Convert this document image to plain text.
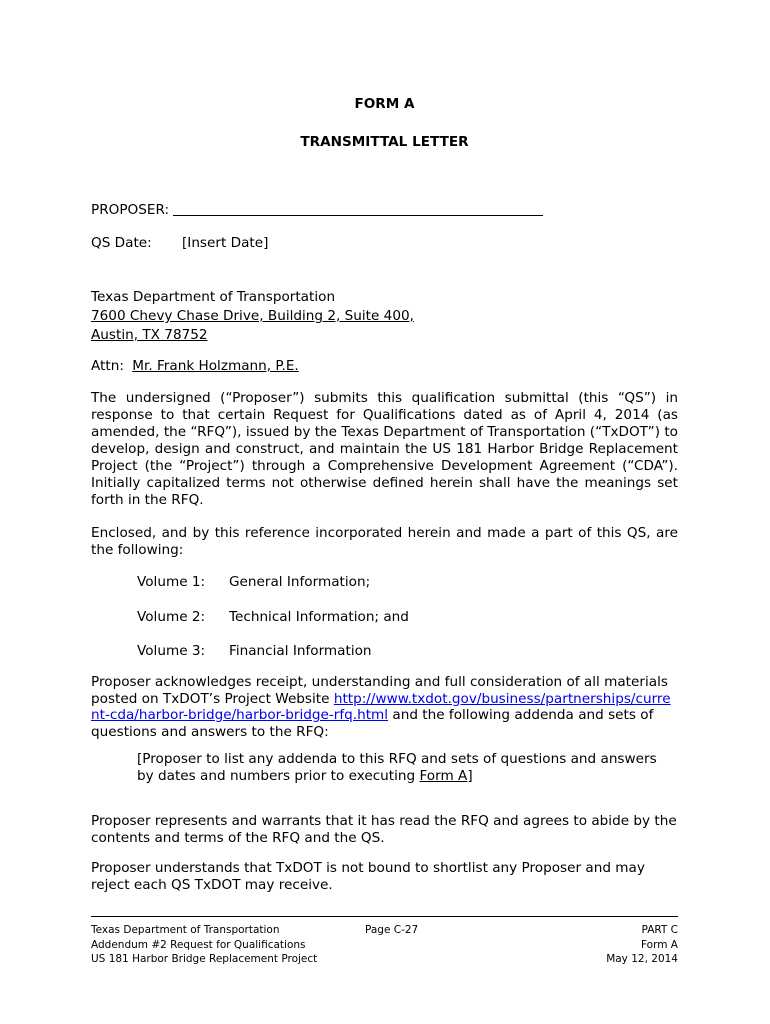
FORM A
TRANSMITTAL LETTER
PROPOSER:
QS Date: [Insert Date]
Texas Department of Transportation
7600 Chevy Chase Drive, Building 2, Suite 400,
Austin, TX 78752
Attn: Mr. Frank Holzmann, P.E.
The undersigned (“Proposer”) submits this qualification submittal (this “QS”) in response to that certain Request for Qualifications dated as of April 4, 2014 (as amended, the “RFQ”), issued by the Texas Department of Transportation (“TxDOT”) to develop, design and construct, and maintain the US 181 Harbor Bridge Replacement Project (the “Project”) through a Comprehensive Development Agreement (“CDA”). Initially capitalized terms not otherwise defined herein shall have the meanings set forth in the RFQ.
Enclosed, and by this reference incorporated herein and made a part of this QS, are the following:
Volume 1: General Information;
Volume 2: Technical Information; and
Volume 3: Financial Information
Proposer acknowledges receipt, understanding and full consideration of all materials posted on TxDOT’s Project Website http://www.txdot.gov/business/partnerships/current-cda/harbor-bridge/harbor-bridge-rfq.html and the following addenda and sets of questions and answers to the RFQ:
[Proposer to list any addenda to this RFQ and sets of questions and answers by dates and numbers prior to executing Form A]
Proposer represents and warrants that it has read the RFQ and agrees to abide by the contents and terms of the RFQ and the QS.
Proposer understands that TxDOT is not bound to shortlist any Proposer and may reject each QS TxDOT may receive.
Texas Department of Transportation
Addendum #2 Request for Qualifications
US 181 Harbor Bridge Replacement Project
Page C-27	PART C
Form A
May 12, 2014
